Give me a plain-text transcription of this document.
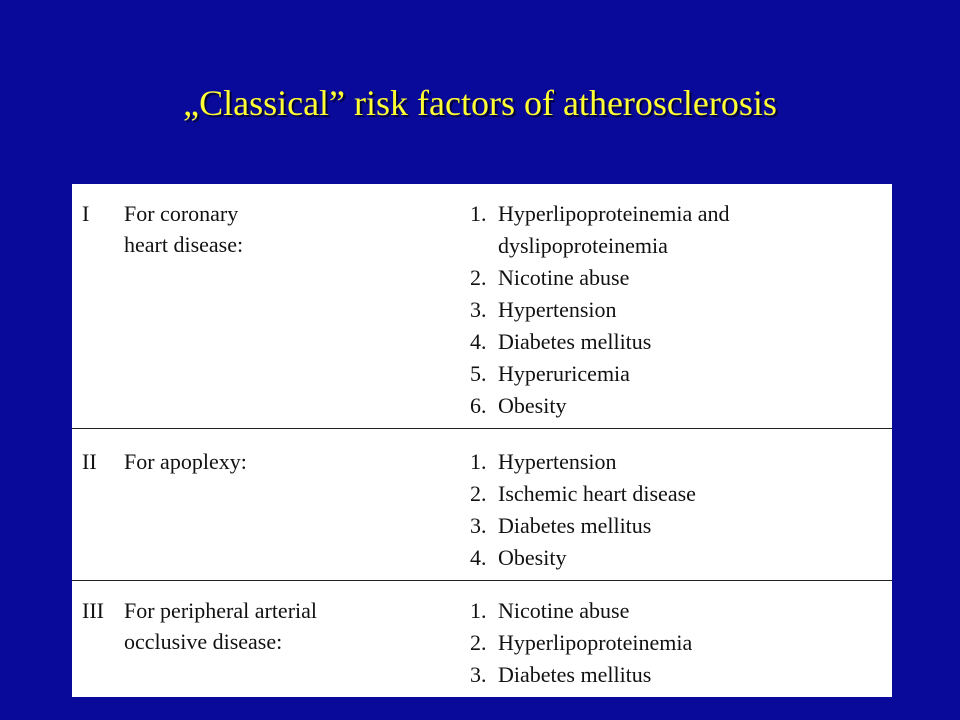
„Classical” risk factors of atherosclerosis
I For coronary
heart disease:
1. Hyperlipoproteinemia and
dyslipoproteinemia
2. Nicotine abuse
3. Hypertension
4. Diabetes mellitus
5. Hyperuricemia
6. Obesity
II For apoplexy:	1. Hypertension
2. Ischemic heart disease
3. Diabetes mellitus
4. Obesity
III For peripheral arterial
occlusive disease:
1. Nicotine abuse
2. Hyperlipoproteinemia
3. Diabetes mellitus
